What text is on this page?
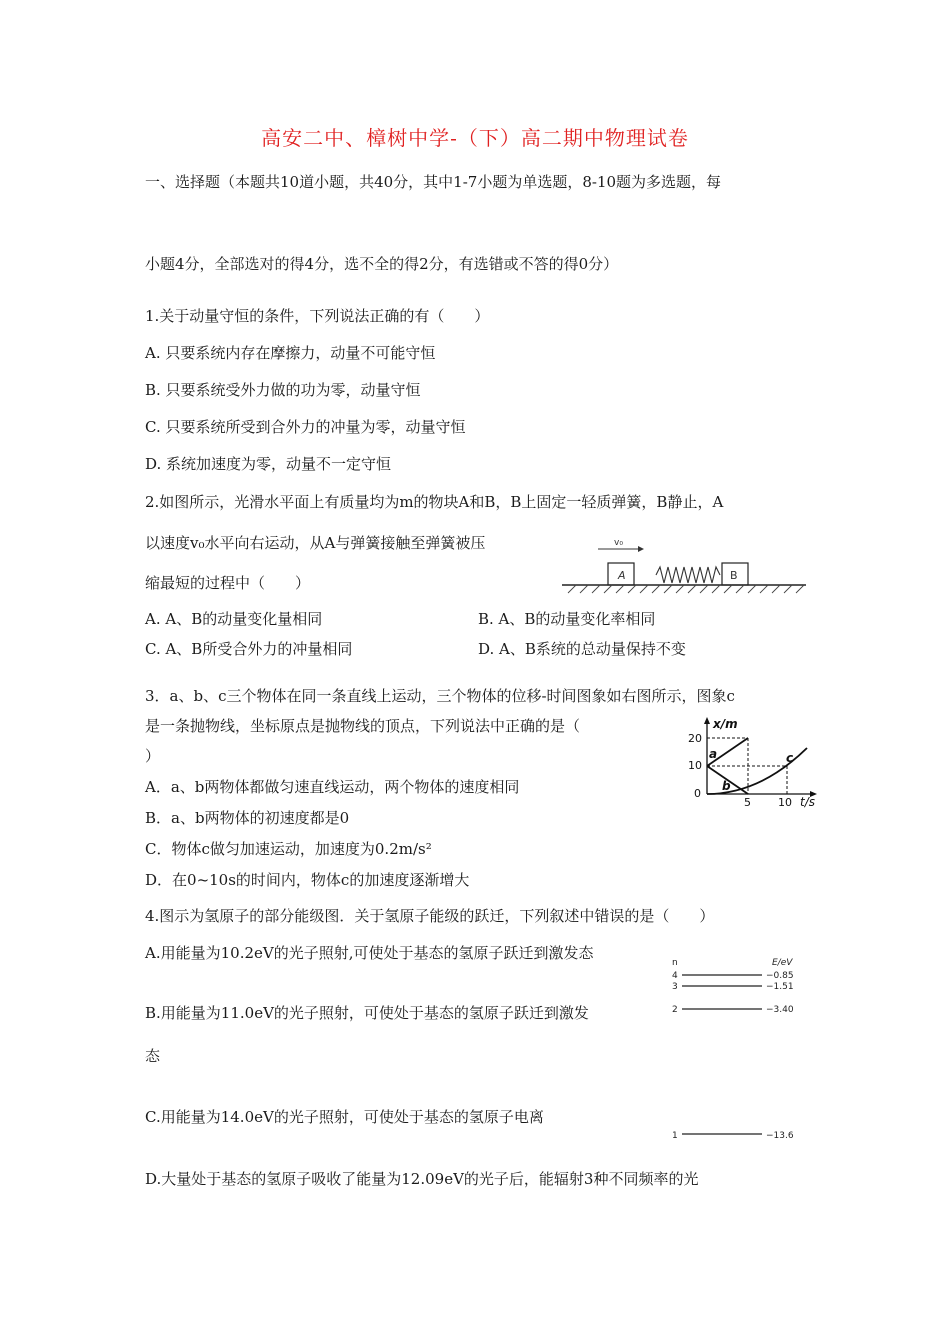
高安二中、樟树中学-（下）高二期中物理试卷
一、选择题（本题共10道小题，共40分，其中1-7小题为单选题，8-10题为多选题，每
小题4分，全部选对的得4分，选不全的得2分，有选错或不答的得0分）
1.关于动量守恒的条件，下列说法正确的有（　　）
A. 只要系统内存在摩擦力，动量不可能守恒
B. 只要系统受外力做的功为零，动量守恒
C. 只要系统所受到合外力的冲量为零，动量守恒
D. 系统加速度为零，动量不一定守恒
2.如图所示，光滑水平面上有质量均为m的物块A和B，B上固定一轻质弹簧，B静止，A
以速度v₀水平向右运动，从A与弹簧接触至弹簧被压
缩最短的过程中（　　）
A. A、B的动量变化量相同	B. A、B的动量变化率相同
C. A、B所受合外力的冲量相同	D. A、B系统的总动量保持不变
v₀
A	B
3．a、b、c三个物体在同一条直线上运动，三个物体的位移-时间图象如右图所示，图象c
是一条抛物线，坐标原点是抛物线的顶点，下列说法中正确的是（
）
A．a、b两物体都做匀速直线运动，两个物体的速度相同
B．a、b两物体的初速度都是0
C．物体c做匀加速运动，加速度为0.2m/s²
D．在0~10s的时间内，物体c的加速度逐渐增大
x/m
t/s
20
10
0
5 10
a
b
c
4.图示为氢原子的部分能级图．关于氢原子能级的跃迁，下列叙述中错误的是（　　）
A.用能量为10.2eV的光子照射,可使处于基态的氢原子跃迁到激发态
B.用能量为11.0eV的光子照射，可使处于基态的氢原子跃迁到激发
态
C.用能量为14.0eV的光子照射，可使处于基态的氢原子电离
D.大量处于基态的氢原子吸收了能量为12.09eV的光子后，能辐射3种不同频率的光
n	E/eV
4	−0.85
3	−1.51
2	−3.40
1	−13.6
